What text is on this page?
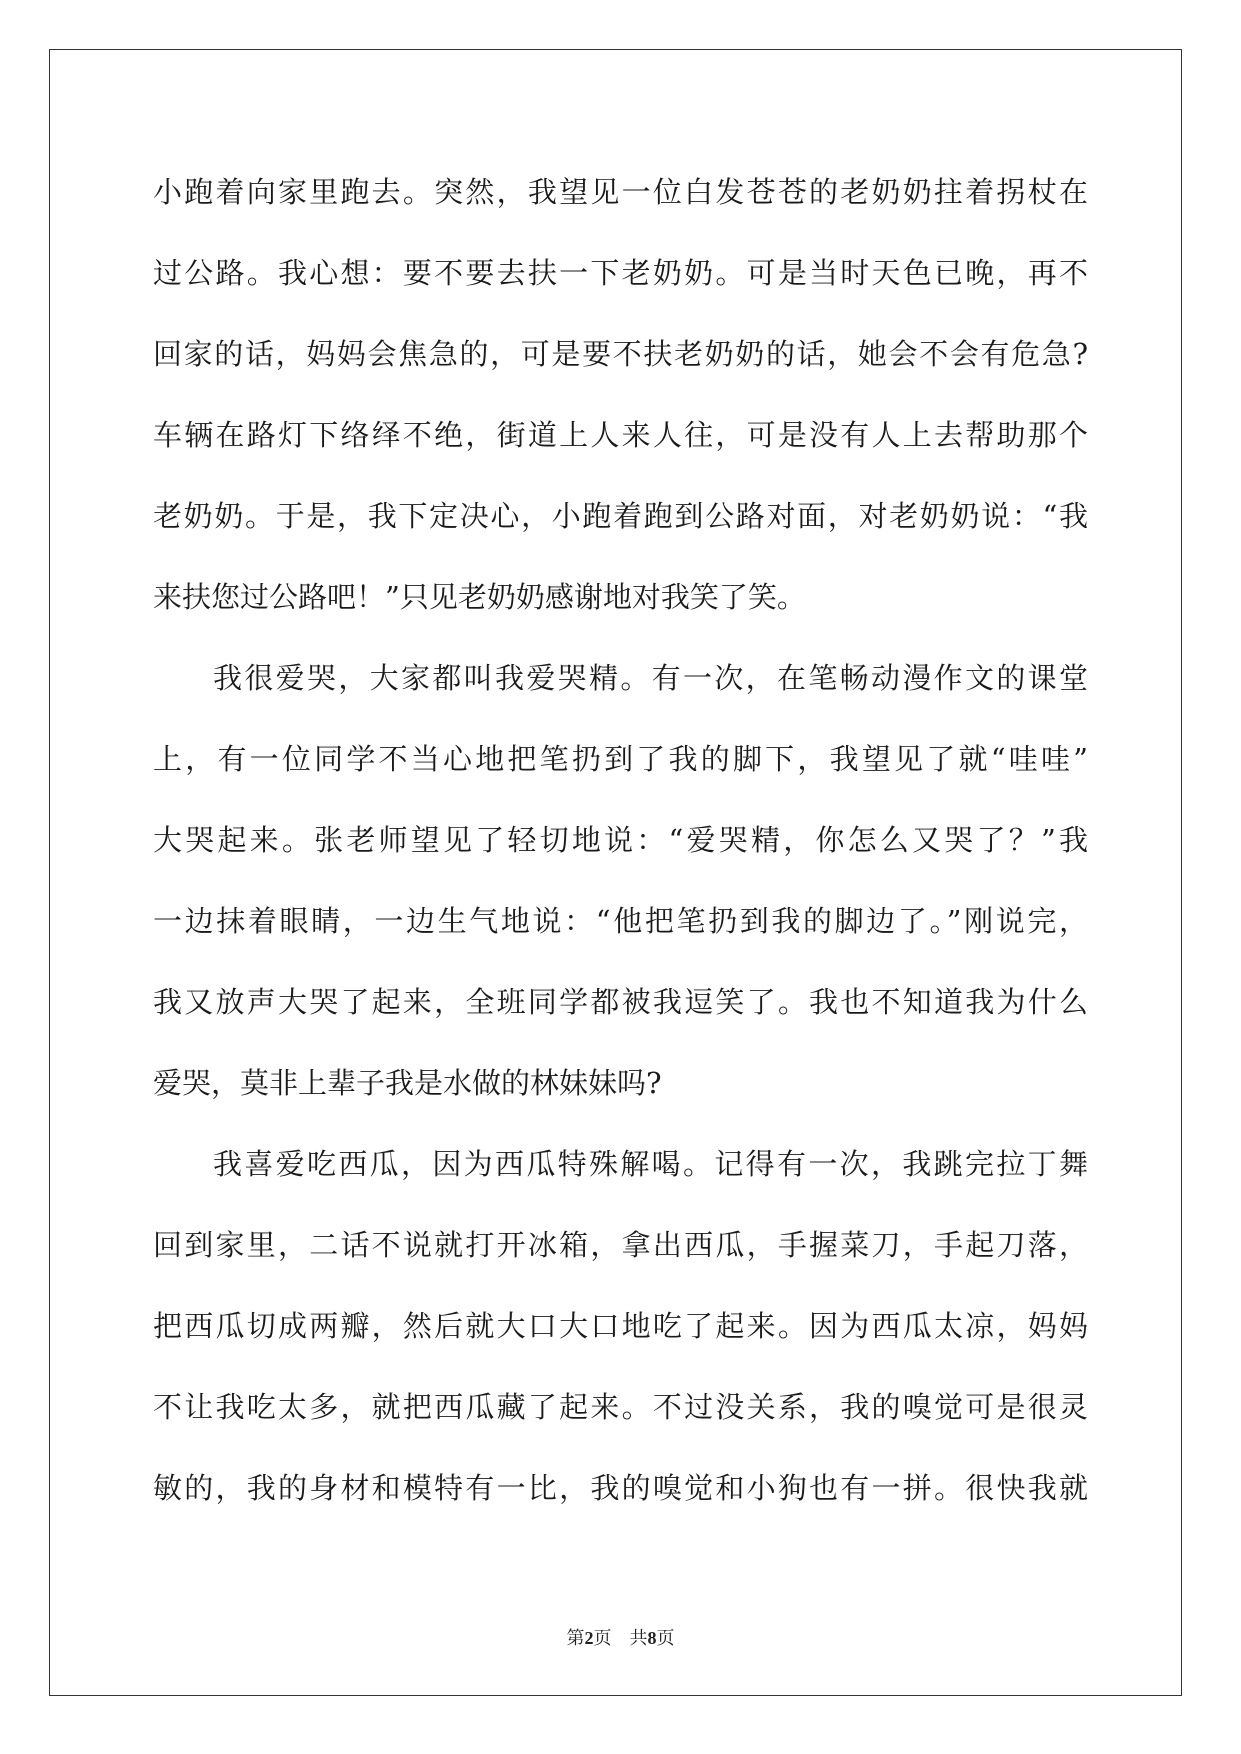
小跑着向家里跑去。突然，我望见一位白发苍苍的老奶奶拄着拐杖在
过公路。我心想：要不要去扶一下老奶奶。可是当时天色已晚，再不
回家的话，妈妈会焦急的，可是要不扶老奶奶的话，她会不会有危急?
车辆在路灯下络绎不绝，街道上人来人往，可是没有人上去帮助那个
老奶奶。于是，我下定决心，小跑着跑到公路对面，对老奶奶说：“我
来扶您过公路吧！”只见老奶奶感谢地对我笑了笑。
我很爱哭，大家都叫我爱哭精。有一次，在笔畅动漫作文的课堂
上，有一位同学不当心地把笔扔到了我的脚下，我望见了就“哇哇”
大哭起来。张老师望见了轻切地说：“爱哭精，你怎么又哭了？”我
一边抹着眼睛，一边生气地说：“他把笔扔到我的脚边了。”刚说完，
我又放声大哭了起来，全班同学都被我逗笑了。我也不知道我为什么
爱哭，莫非上辈子我是水做的林妹妹吗?
我喜爱吃西瓜，因为西瓜特殊解喝。记得有一次，我跳完拉丁舞
回到家里，二话不说就打开冰箱，拿出西瓜，手握菜刀，手起刀落，
把西瓜切成两瓣，然后就大口大口地吃了起来。因为西瓜太凉，妈妈
不让我吃太多，就把西瓜藏了起来。不过没关系，我的嗅觉可是很灵
敏的，我的身材和模特有一比，我的嗅觉和小狗也有一拼。很快我就
第2页 共8页
